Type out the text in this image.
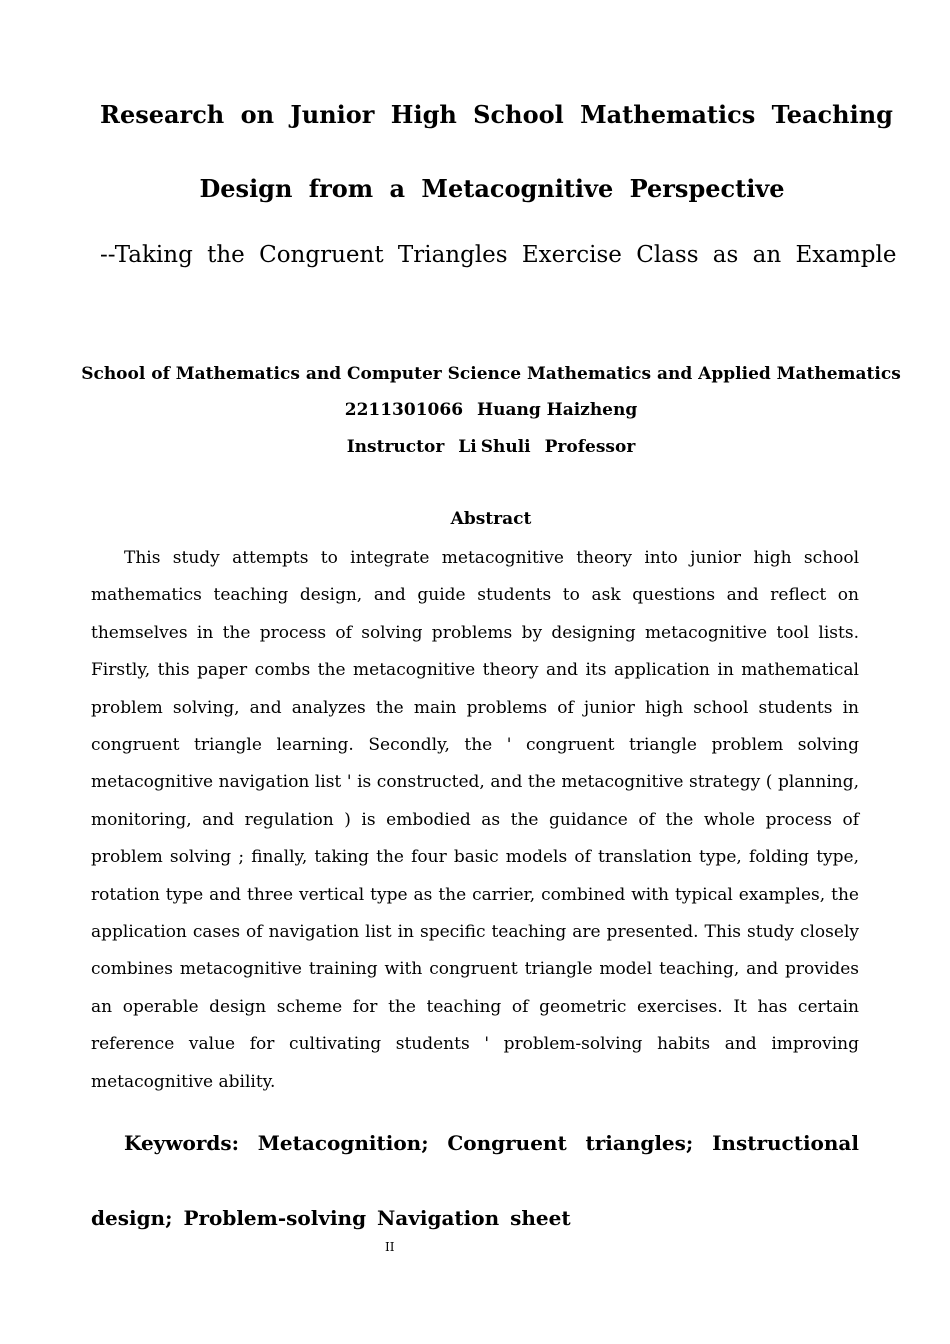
Research on Junior High School Mathematics Teaching
Design from a Metacognitive Perspective
--Taking the Congruent Triangles Exercise Class as an Example
School of Mathematics and Computer Science Mathematics and Applied Mathematics
2211301066 Huang Haizheng
Instructor Li Shuli Professor
Abstract

This study attempts to integrate metacognitive theory into junior high school mathematics teaching design, and guide students to ask questions and reflect on themselves in the process of solving problems by designing metacognitive tool lists. Firstly, this paper combs the metacognitive theory and its application in mathematical problem solving, and analyzes the main problems of junior high school students in congruent triangle learning. Secondly, the ' congruent triangle problem solving metacognitive navigation list ' is constructed, and the metacognitive strategy ( planning, monitoring, and regulation ) is embodied as the guidance of the whole process of problem solving ; finally, taking the four basic models of translation type, folding type, rotation type and three vertical type as the carrier, combined with typical examples, the application cases of navigation list in specific teaching are presented. This study closely combines metacognitive training with congruent triangle model teaching, and provides an operable design scheme for the teaching of geometric exercises. It has certain reference value for cultivating students ' problem-solving habits and improving metacognitive ability.

Keywords: Metacognition; Congruent triangles; Instructional design; Problem-solving Navigation sheet

II
